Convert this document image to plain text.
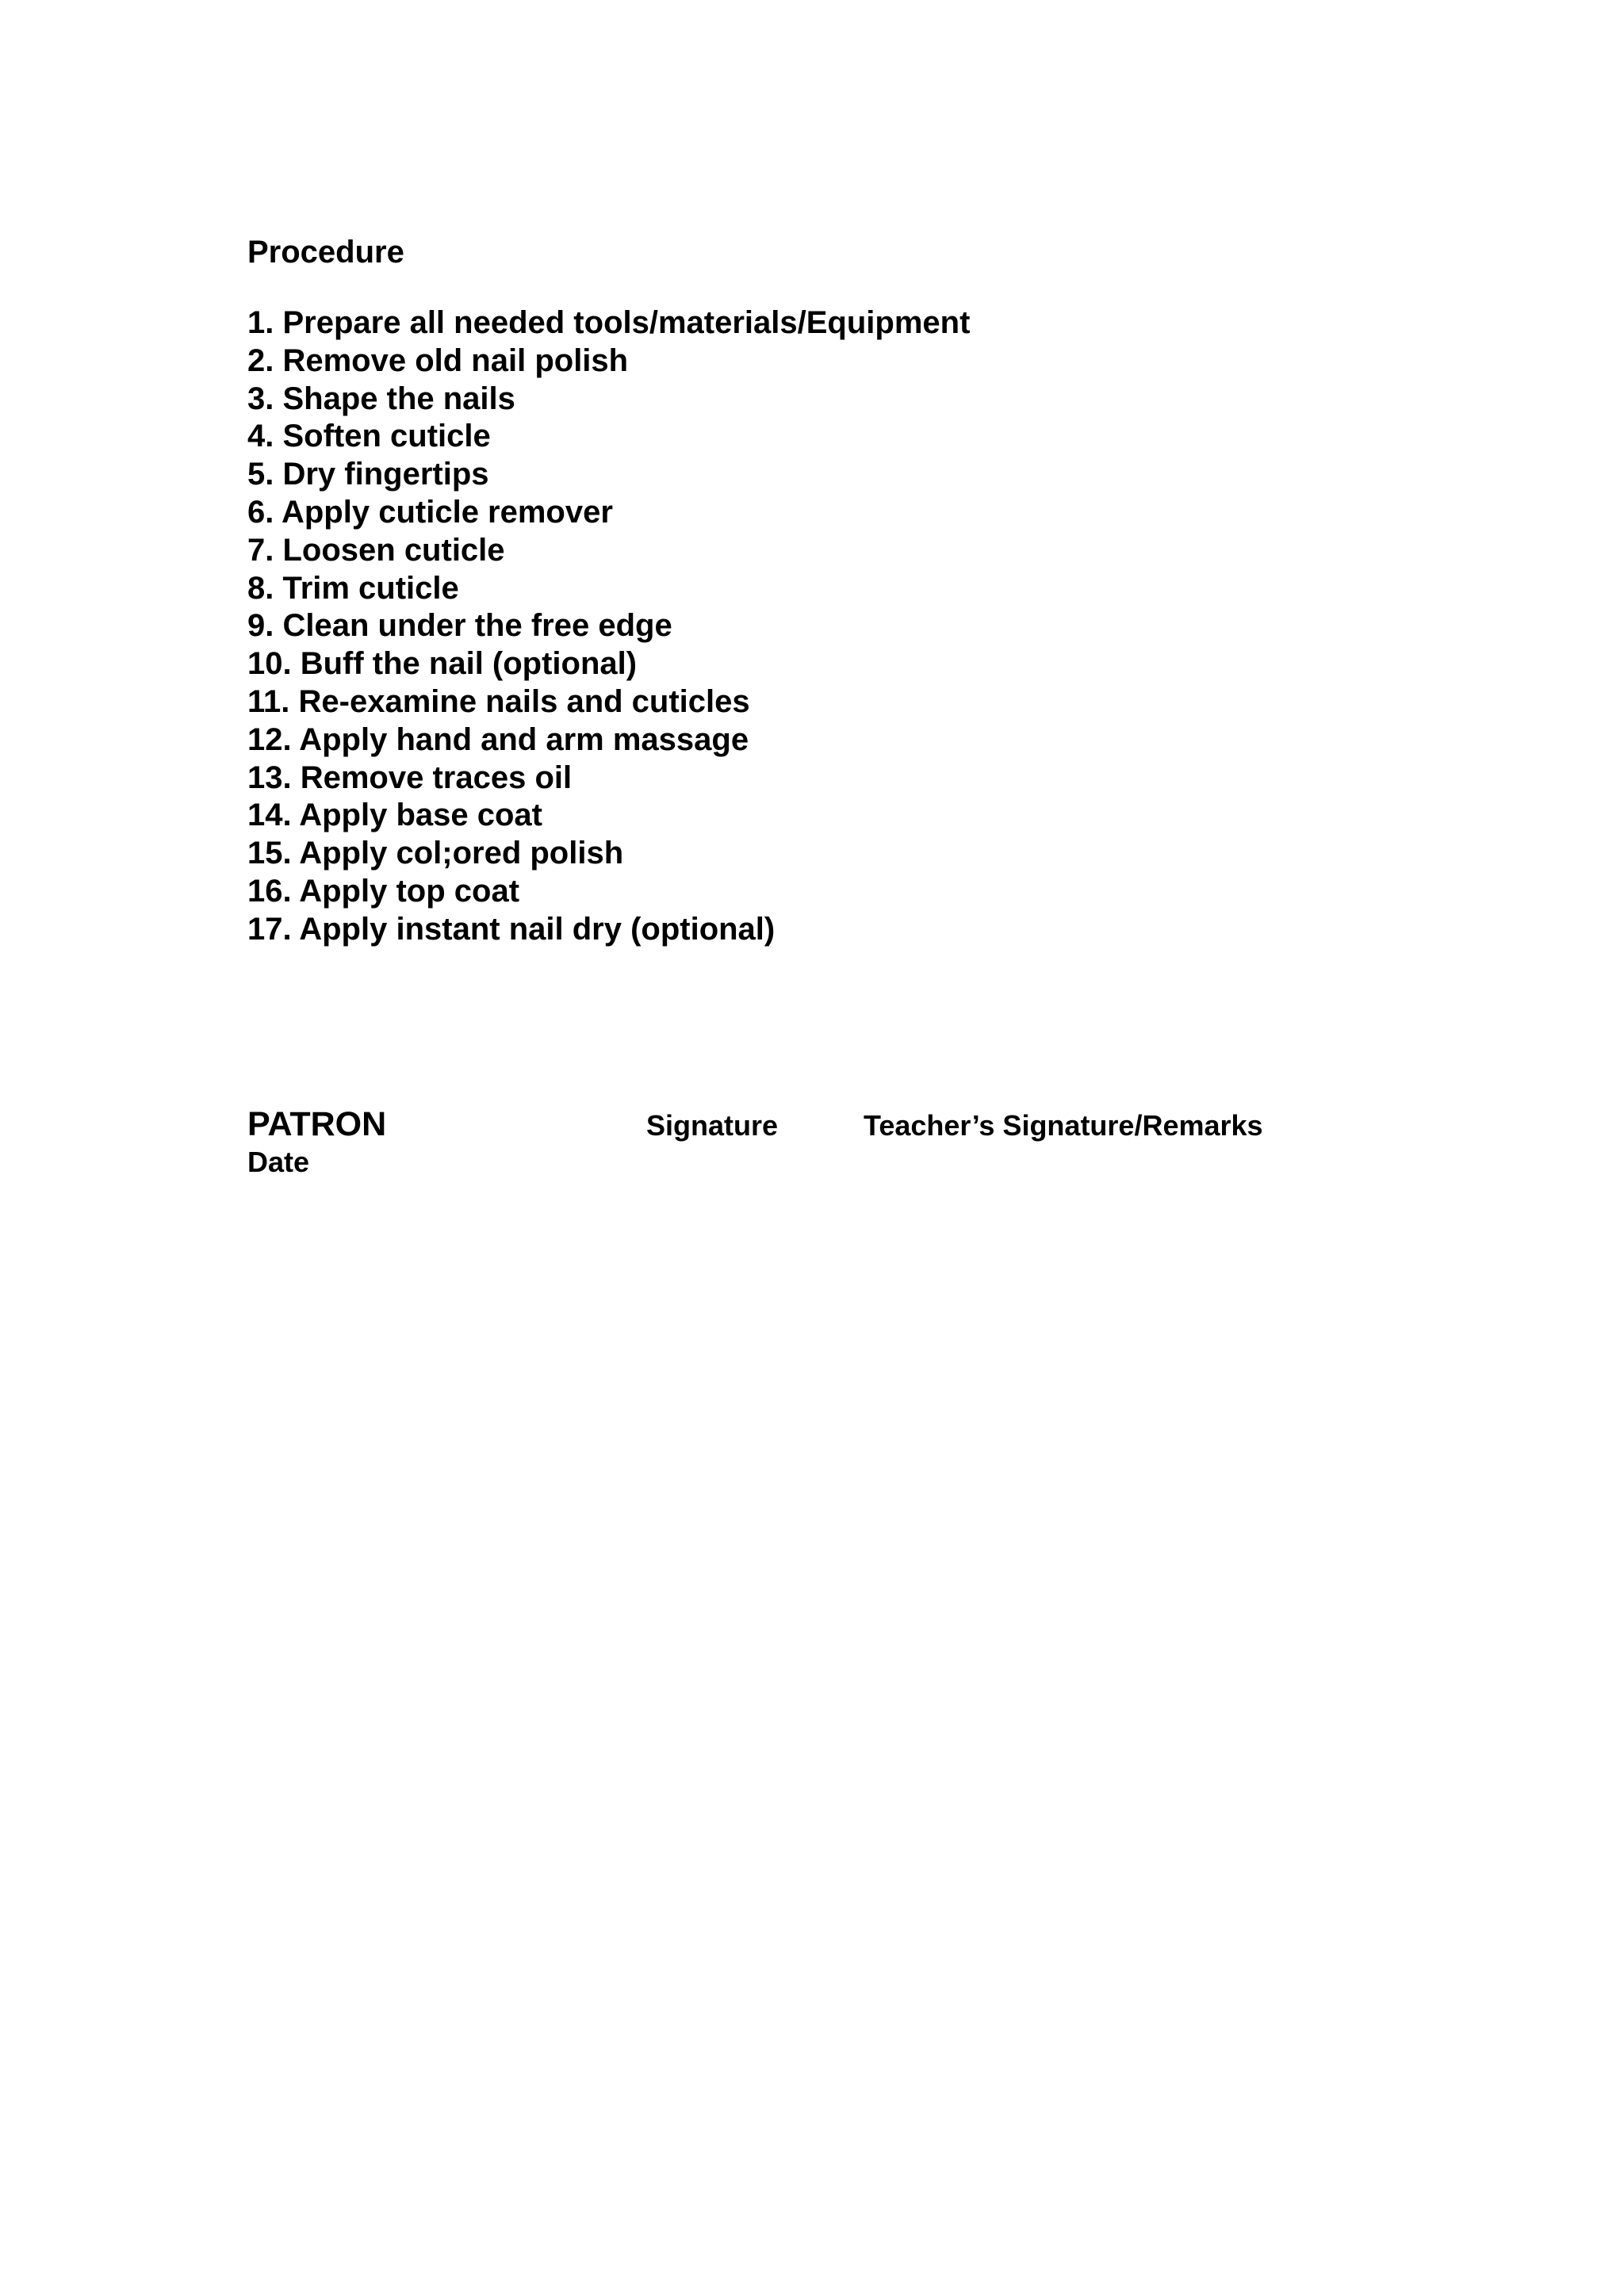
Procedure
1. Prepare all needed tools/materials/Equipment
2. Remove old nail polish
3. Shape the nails
4. Soften cuticle
5. Dry fingertips
6. Apply cuticle remover
7. Loosen cuticle
8. Trim cuticle
9. Clean under the free edge
10. Buff the nail (optional)
11. Re-examine nails and cuticles
12. Apply hand and arm massage
13. Remove traces oil
14. Apply base coat
15. Apply col;ored polish
16. Apply top coat
17. Apply instant nail dry (optional)
PATRON	Signature	Teacher’s Signature/Remarks
Date
